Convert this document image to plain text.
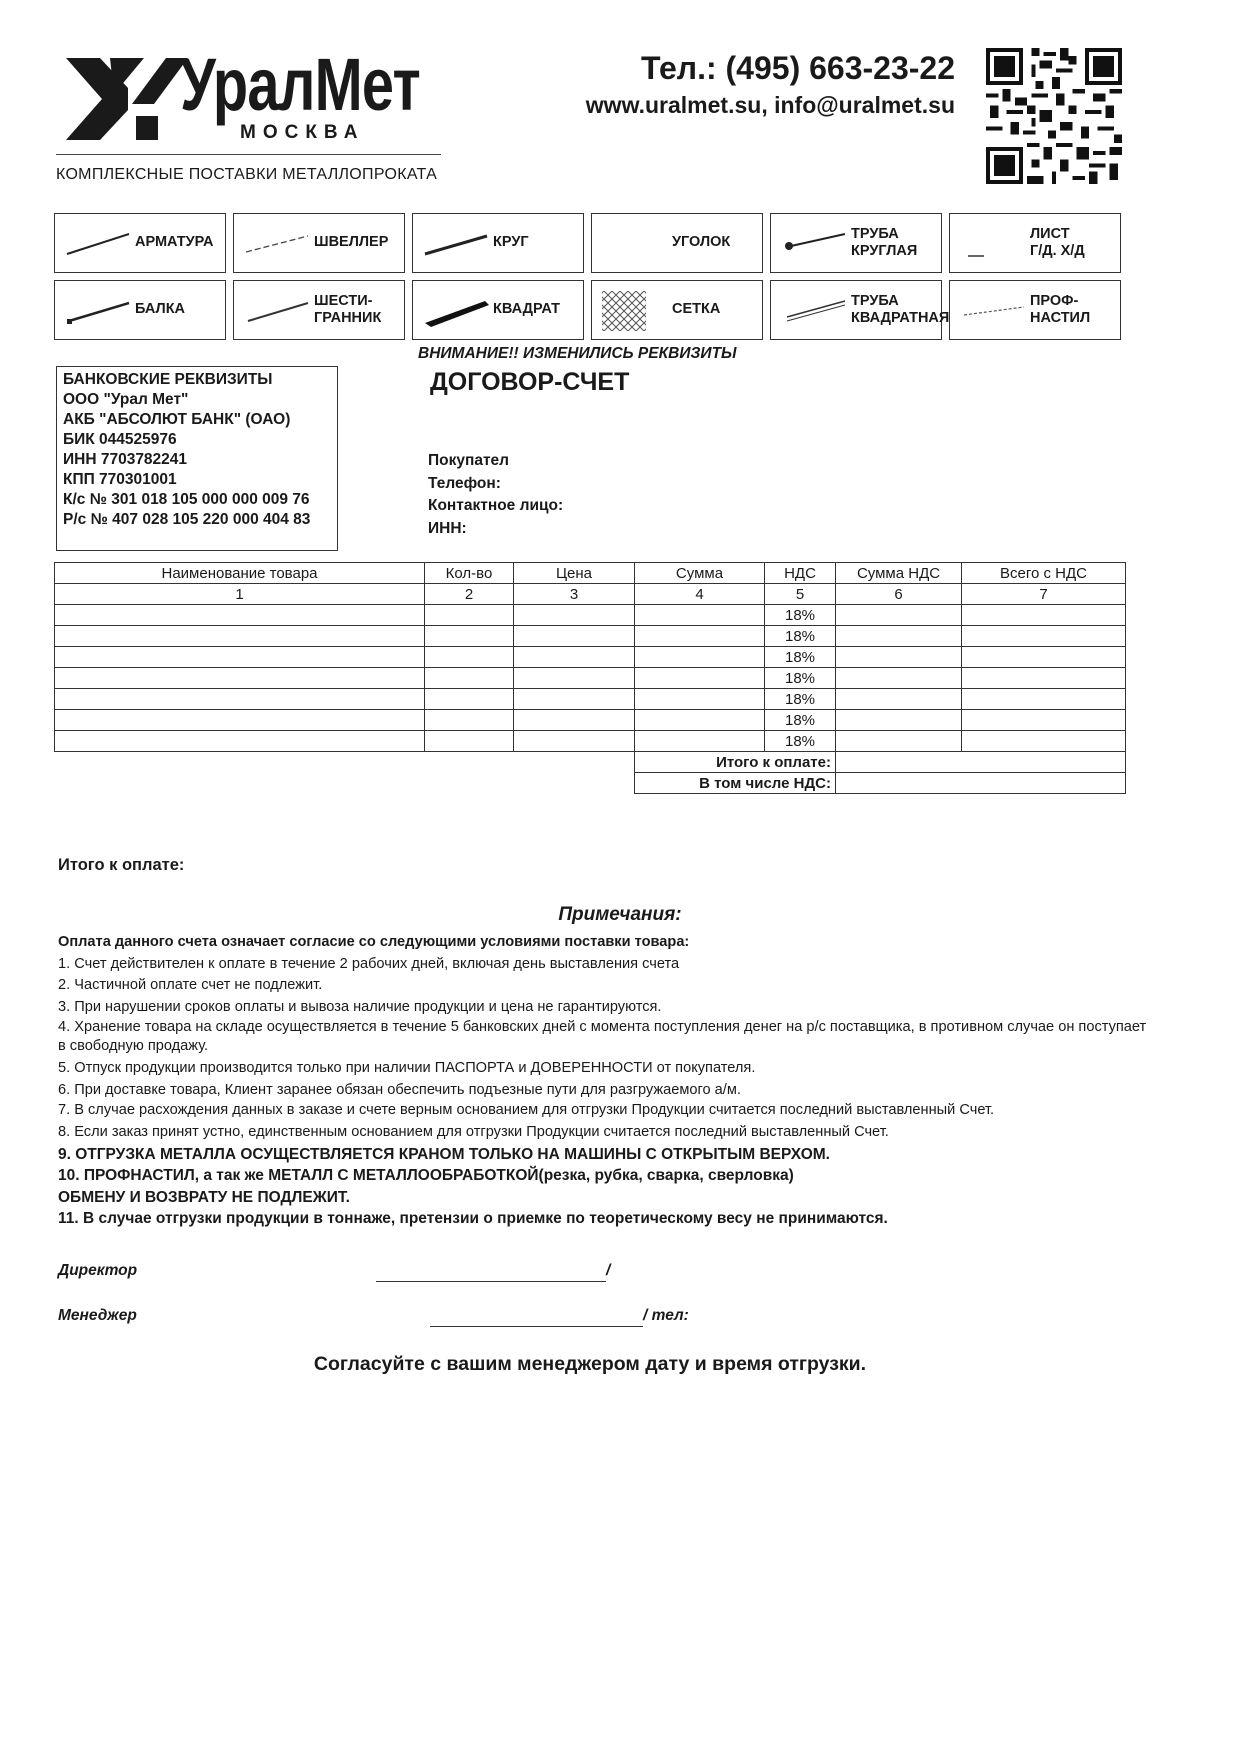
УралМет
МОСКВА
КОМПЛЕКСНЫЕ ПОСТАВКИ МЕТАЛЛОПРОКАТА
Тел.: (495) 663-23-22
www.uralmet.su, info@uralmet.su
АРМАТУРА	ШВЕЛЛЕР	КРУГ	УГОЛОК
ТРУБА
КРУГЛАЯ
ЛИСТ
Г/Д. Х/Д
БАЛКА
ШЕСТИ-
ГРАННИК
КВАДРАТ	СЕТКА
ТРУБА
КВАДРАТНАЯ
ПРОФ-
НАСТИЛ
ВНИМАНИЕ!! ИЗМЕНИЛИСЬ РЕКВИЗИТЫ
БАНКОВСКИЕ РЕКВИЗИТЫ
ООО "Урал Мет"
АКБ "АБСОЛЮТ БАНК" (ОАО)
БИК 044525976
ИНН 7703782241
КПП 770301001
К/с № 301 018 105 000 000 009 76
Р/с № 407 028 105 220 000 404 83
ДОГОВОР-СЧЕТ
Покупател
Телефон:
Контактное лицо:
ИНН:
Наименование товара	Кол-во	Цена	Сумма	НДС	Сумма НДС	Всего с НДС
1	2	3	4	5	6	7
				18%		
				18%		
				18%		
				18%		
				18%		
				18%		
				18%		
			Итого к оплате:			
			В том числе НДС:			
Итого к оплате:
Примечания:

Оплата данного счета означает согласие со следующими условиями поставки товара:

1. Счет действителен к оплате в течение 2 рабочих дней, включая день выставления счета

2. Частичной оплате счет не подлежит.

3. При нарушении сроков оплаты и вывоза наличие продукции и цена не гарантируются.

4. Хранение товара на складе осуществляется в течение 5 банковских дней с момента поступления денег на р/с поставщика, в противном случае он поступает в свободную продажу.

5. Отпуск продукции производится только при наличии ПАСПОРТА и ДОВЕРЕННОСТИ от покупателя.

6. При доставке товара, Клиент заранее обязан обеспечить подъезные пути для разгружаемого а/м.

7. В случае расхождения данных в заказе и счете верным основанием для отгрузки Продукции считается последний выставленный Счет.

8. Если заказ принят устно, единственным основанием для отгрузки Продукции считается последний выставленный Счет.

9. ОТГРУЗКА МЕТАЛЛА ОСУЩЕСТВЛЯЕТСЯ КРАНОМ ТОЛЬКО НА МАШИНЫ С ОТКРЫТЫМ ВЕРХОМ.

10. ПРОФНАСТИЛ, а так же МЕТАЛЛ С МЕТАЛЛООБРАБОТКОЙ(резка, рубка, сварка, сверловка)

ОБМЕНУ И ВОЗВРАТУ НЕ ПОДЛЕЖИТ.

11. В случае отгрузки продукции в тоннаже, претензии о приемке по теоретическому весу не принимаются.

Директор	/
Менеджер	/ тел:
Согласуйте с вашим менеджером дату и время отгрузки.
